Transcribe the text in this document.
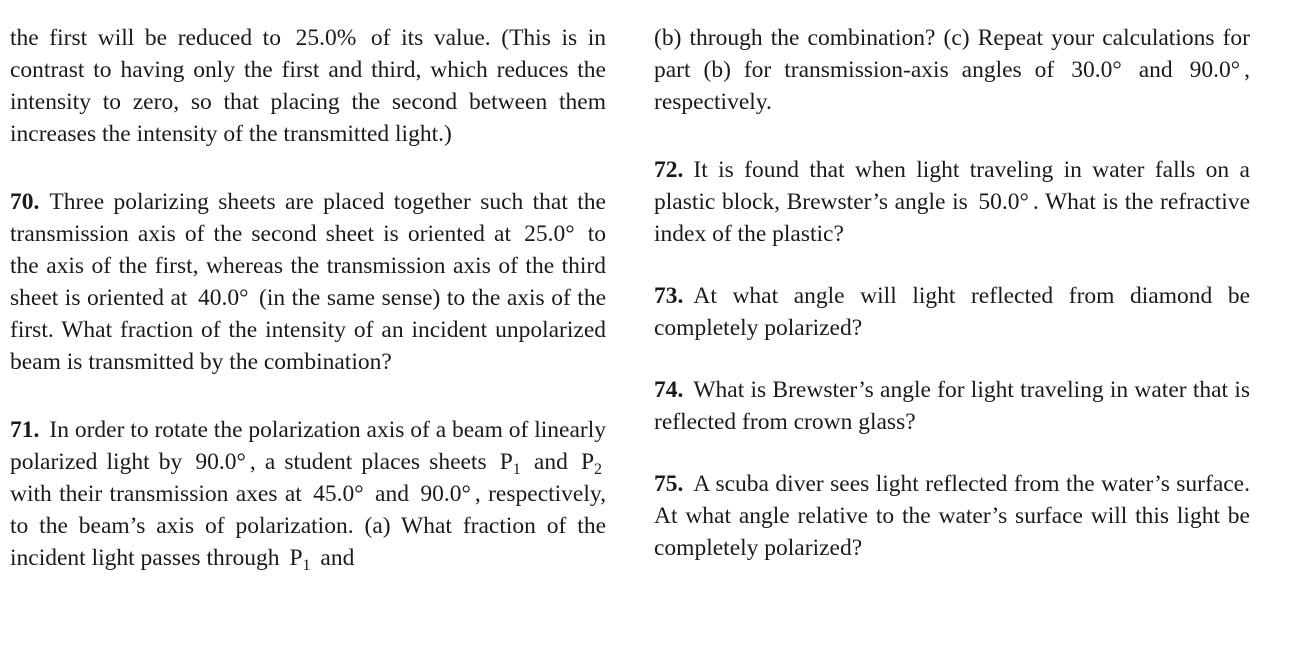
the first will be reduced to 25.0% of its value. (This is in contrast to having only the first and third, which reduces the intensity to zero, so that placing the second between them increases the intensity of the transmitted light.)

70. Three polarizing sheets are placed together such that the transmission axis of the second sheet is oriented at 25.0° to the axis of the first, whereas the transmission axis of the third sheet is oriented at 40.0° (in the same sense) to the axis of the first. What fraction of the intensity of an incident unpolarized beam is transmitted by the combination?

71. In order to rotate the polarization axis of a beam of linearly polarized light by 90.0° , a student places sheets $P_1$ and $P_2$ with their transmission axes at 45.0° and 90.0° , respectively, to the beam’s axis of polarization. (a) What fraction of the incident light passes through $P_1$ and

(b) through the combination? (c) Repeat your calculations for part (b) for transmission-axis angles of 30.0° and 90.0° , respectively.

72. It is found that when light traveling in water falls on a plastic block, Brewster’s angle is 50.0° . What is the refractive index of the plastic?

73. At what angle will light reflected from diamond be completely polarized?

74. What is Brewster’s angle for light traveling in water that is reflected from crown glass?

75. A scuba diver sees light reflected from the water’s surface. At what angle relative to the water’s surface will this light be completely polarized?
